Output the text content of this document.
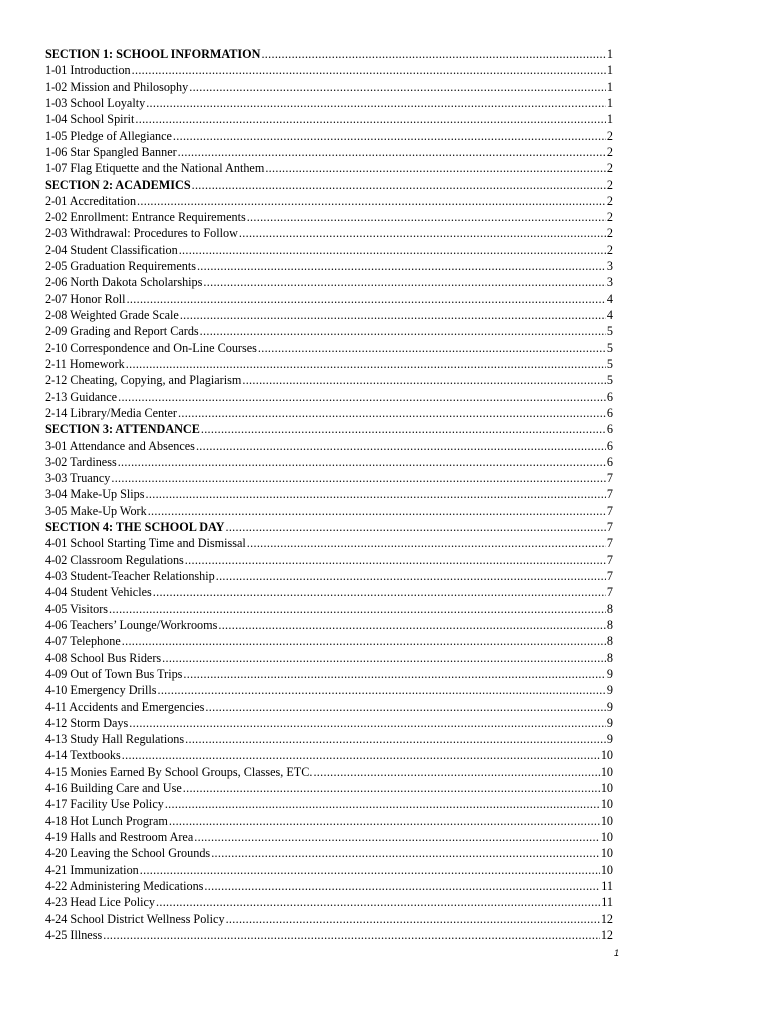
SECTION 1: SCHOOL INFORMATION .....	1
1-01 Introduction .....	1
1-02 Mission and Philosophy .....	1
1-03 School Loyalty .....	1
1-04 School Spirit .....	1
1-05 Pledge of Allegiance .....	2
1-06 Star Spangled Banner .....	2
1-07 Flag Etiquette and the National Anthem .....	2
SECTION 2: ACADEMICS .....	2
2-01 Accreditation .....	2
2-02 Enrollment: Entrance Requirements .....	2
2-03 Withdrawal: Procedures to Follow .....	2
2-04 Student Classification .....	2
2-05 Graduation Requirements .....	3
2-06 North Dakota Scholarships .....	3
2-07 Honor Roll .....	4
2-08 Weighted Grade Scale .....	4
2-09 Grading and Report Cards .....	5
2-10 Correspondence and On-Line Courses .....	5
2-11 Homework .....	5
2-12 Cheating, Copying, and Plagiarism .....	5
2-13 Guidance .....	6
2-14 Library/Media Center .....	6
SECTION 3: ATTENDANCE .....	6
3-01 Attendance and Absences .....	6
3-02 Tardiness .....	6
3-03 Truancy .....	7
3-04 Make-Up Slips .....	7
3-05 Make-Up Work .....	7
SECTION 4: THE SCHOOL DAY .....	7
4-01 School Starting Time and Dismissal .....	7
4-02 Classroom Regulations .....	7
4-03 Student-Teacher Relationship .....	7
4-04 Student Vehicles .....	7
4-05 Visitors .....	8
4-06 Teachers’ Lounge/Workrooms .....	8
4-07 Telephone .....	8
4-08 School Bus Riders .....	8
4-09 Out of Town Bus Trips .....	9
4-10 Emergency Drills .....	9
4-11 Accidents and Emergencies .....	9
4-12 Storm Days .....	9
4-13 Study Hall Regulations .....	9
4-14 Textbooks .....	10
4-15 Monies Earned By School Groups, Classes, ETC. .....	10
4-16 Building Care and Use .....	10
4-17 Facility Use Policy .....	10
4-18 Hot Lunch Program .....	10
4-19 Halls and Restroom Area .....	10
4-20 Leaving the School Grounds .....	10
4-21 Immunization .....	10
4-22 Administering Medications .....	11
4-23 Head Lice Policy .....	11
4-24 School District Wellness Policy .....	12
4-25 Illness .....	12
1
